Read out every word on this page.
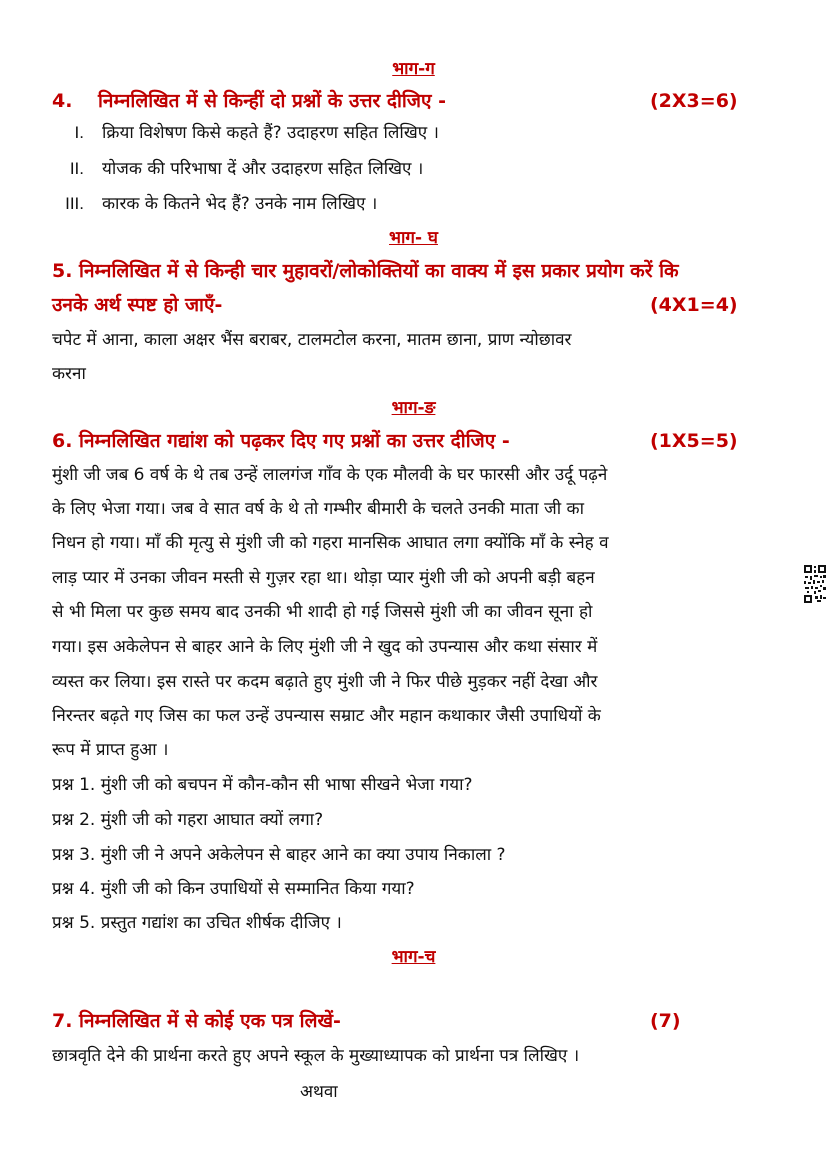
भाग-ग
4. निम्नलिखित में से किन्हीं दो प्रश्नों के उत्तर दीजिए -	(2X3=6)
I. क्रिया विशेषण किसे कहते हैं? उदाहरण सहित लिखिए ।
II. योजक की परिभाषा दें और उदाहरण सहित लिखिए ।
III. कारक के कितने भेद हैं? उनके नाम लिखिए ।
भाग- घ
5. निम्नलिखित में से किन्ही चार मुहावरों/लोकोक्तियों का वाक्य में इस प्रकार प्रयोग करें कि
उनके अर्थ स्पष्ट हो जाएँ-	(4X1=4)
चपेट में आना, काला अक्षर भैंस बराबर, टालमटोल करना, मातम छाना, प्राण न्योछावर
करना
भाग-ङ
6. निम्नलिखित गद्यांश को पढ़कर दिए गए प्रश्नों का उत्तर दीजिए -	(1X5=5)
मुंशी जी जब 6 वर्ष के थे तब उन्हें लालगंज गाँव के एक मौलवी के घर फारसी और उर्दू पढ़ने
के लिए भेजा गया। जब वे सात वर्ष के थे तो गम्भीर बीमारी के चलते उनकी माता जी का
निधन हो गया। माँ की मृत्यु से मुंशी जी को गहरा मानसिक आघात लगा क्योंकि माँ के स्नेह व
लाड़ प्यार में उनका जीवन मस्ती से गुज़र रहा था। थोड़ा प्यार मुंशी जी को अपनी बड़ी बहन
से भी मिला पर कुछ समय बाद उनकी भी शादी हो गई जिससे मुंशी जी का जीवन सूना हो
गया। इस अकेलेपन से बाहर आने के लिए मुंशी जी ने खुद को उपन्यास और कथा संसार में
व्यस्त कर लिया। इस रास्ते पर कदम बढ़ाते हुए मुंशी जी ने फिर पीछे मुड़कर नहीं देखा और
निरन्तर बढ़ते गए जिस का फल उन्हें उपन्यास सम्राट और महान कथाकार जैसी उपाधियों के
रूप में प्राप्त हुआ ।
प्रश्न 1. मुंशी जी को बचपन में कौन-कौन सी भाषा सीखने भेजा गया?
प्रश्न 2. मुंशी जी को गहरा आघात क्यों लगा?
प्रश्न 3. मुंशी जी ने अपने अकेलेपन से बाहर आने का क्या उपाय निकाला ?
प्रश्न 4. मुंशी जी को किन उपाधियों से सम्मानित किया गया?
प्रश्न 5. प्रस्तुत गद्यांश का उचित शीर्षक दीजिए ।
भाग-च
7. निम्नलिखित में से कोई एक पत्र लिखें-	(7)
छात्रवृति देने की प्रार्थना करते हुए अपने स्कूल के मुख्याध्यापक को प्रार्थना पत्र लिखिए ।
अथवा
